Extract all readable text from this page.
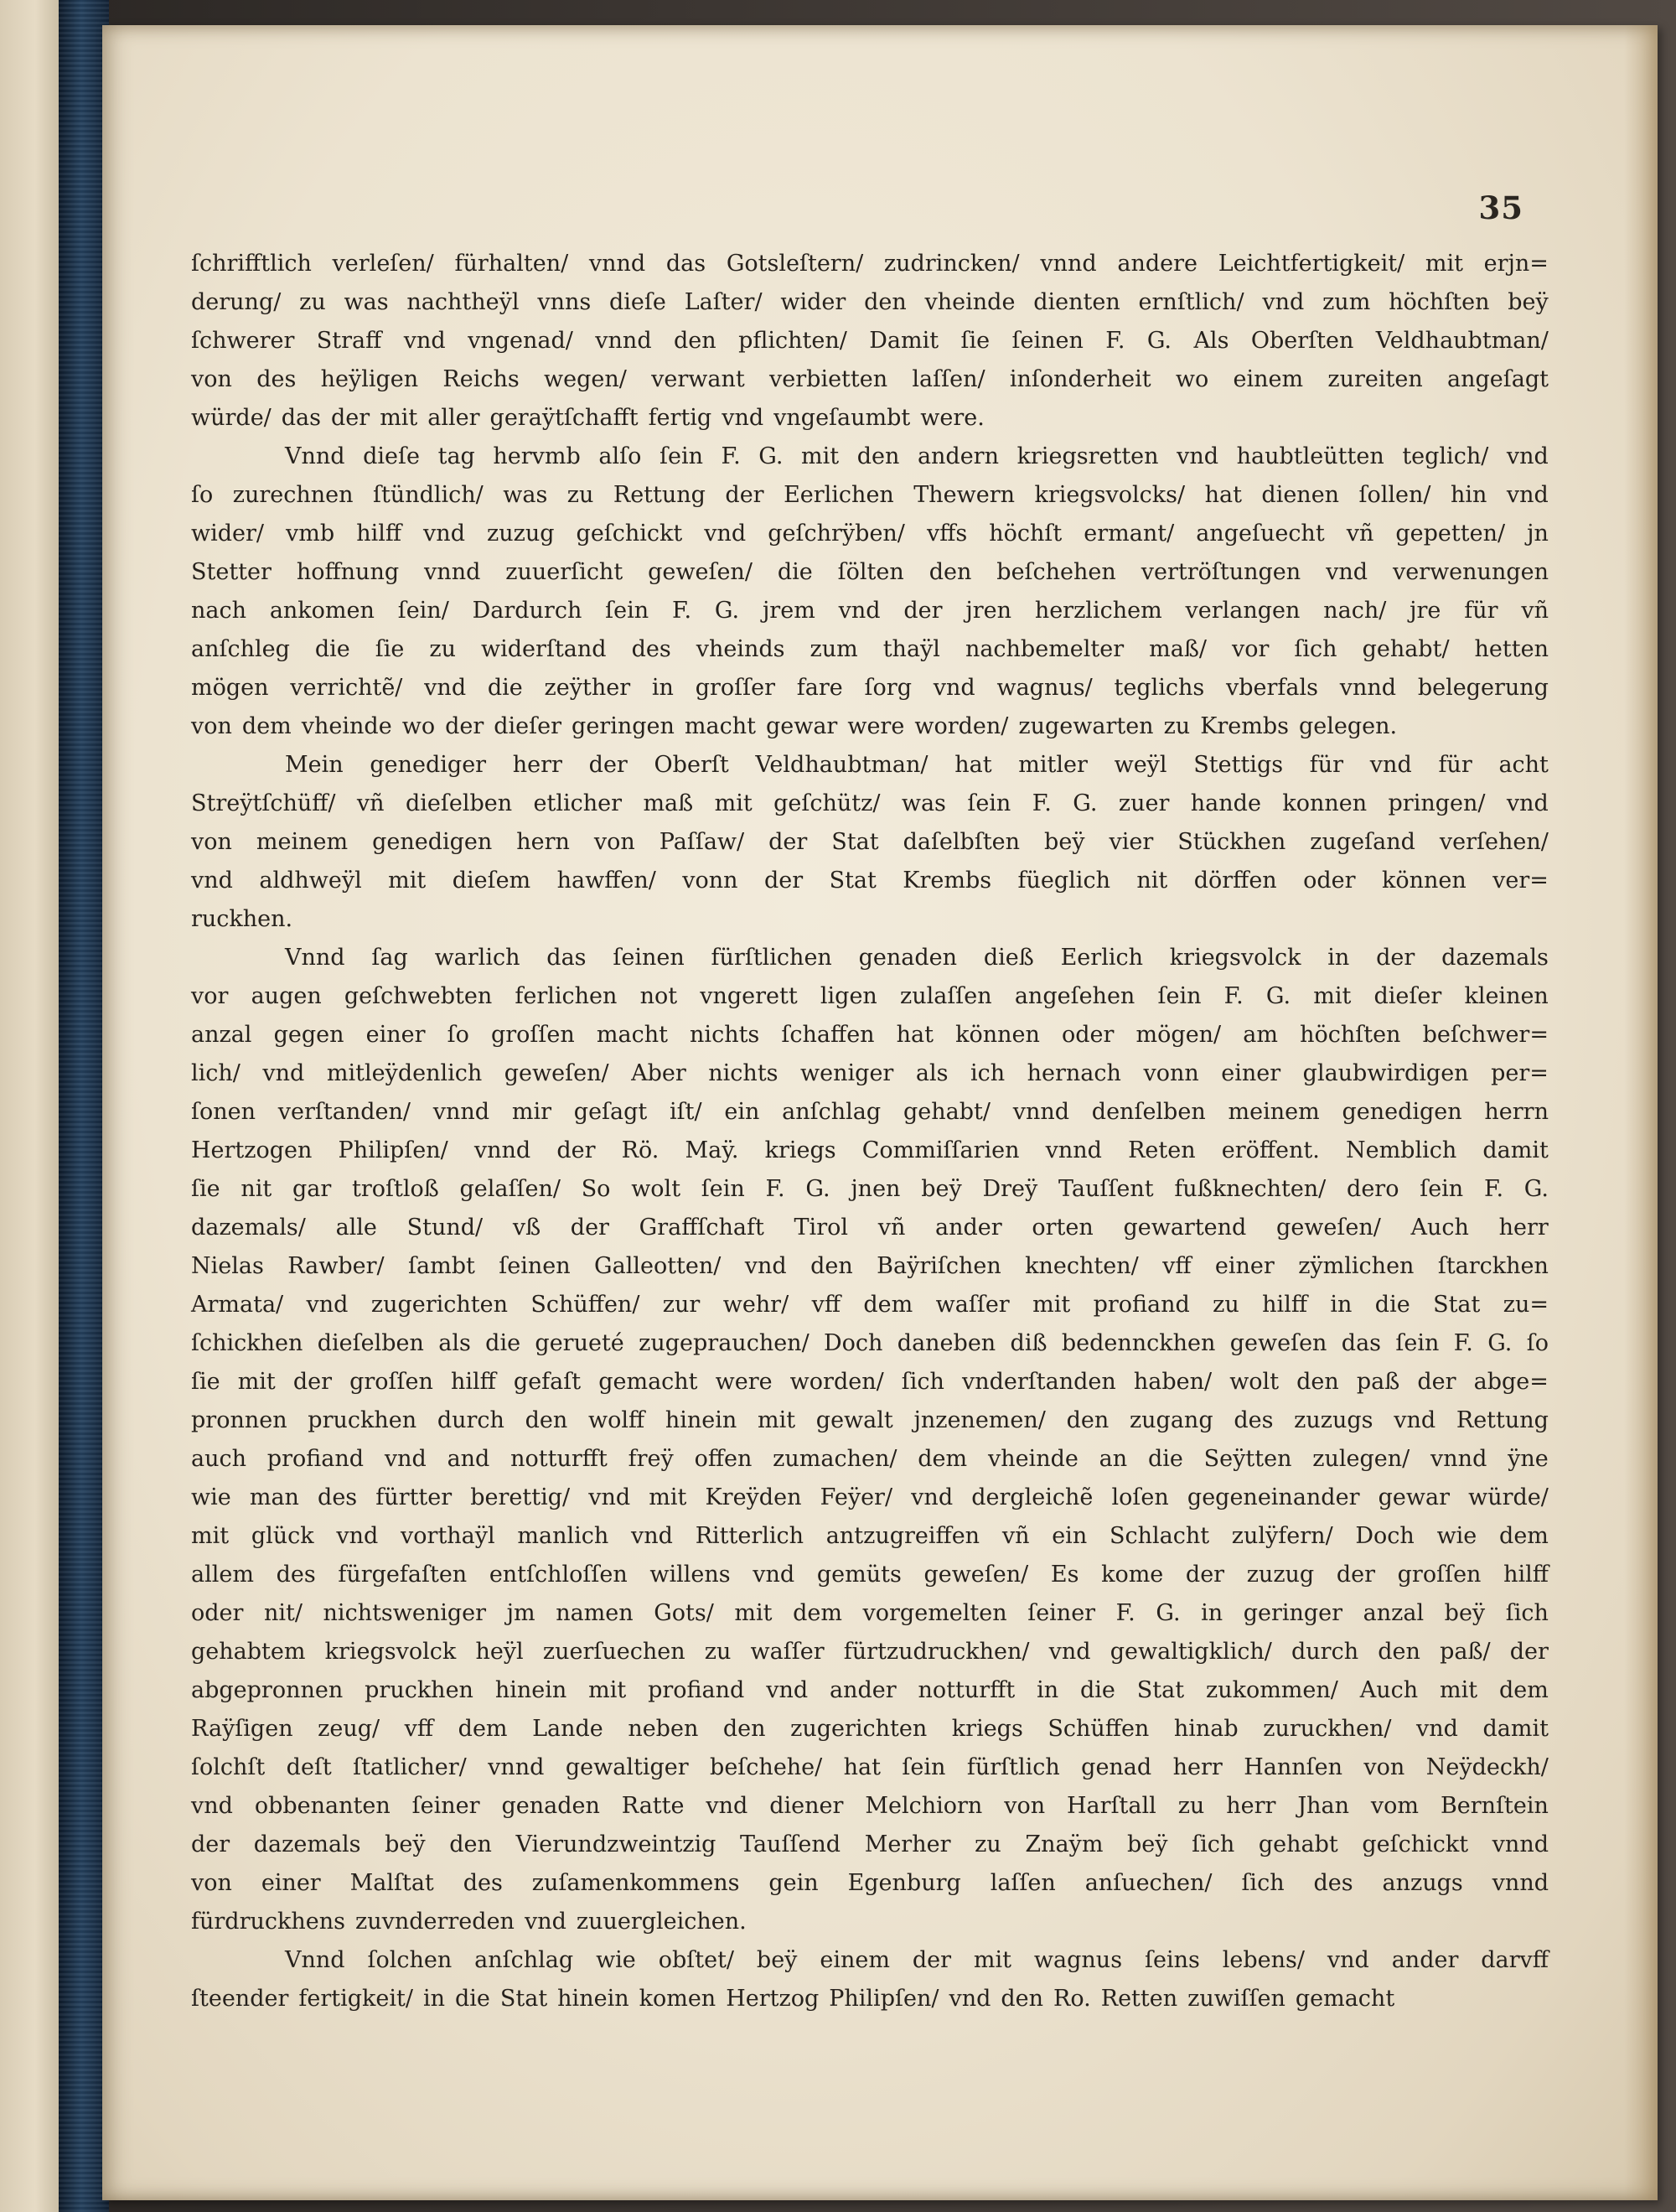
35
ſchrifftlich verleſen/ fürhalten/ vnnd das Gotsleſtern/ zudrincken/ vnnd andere Leichtfertigkeit/ mit erjn=
derung/ zu was nachtheÿl vnns dieſe Laſter/ wider den vheinde dienten ernſtlich/ vnd zum höchſten beÿ
ſchwerer Straff vnd vngenad/ vnnd den pflichten/ Damit ſie ſeinen F. G. Als Oberſten Veldhaubtman/
von des heÿligen Reichs wegen/ verwant verbietten laſſen/ inſonderheit wo einem zureiten angeſagt
würde/ das der mit aller geraÿtſchafft fertig vnd vngeſaumbt were.
Vnnd dieſe tag hervmb alſo ſein F. G. mit den andern kriegsretten vnd haubtleütten teglich/ vnd
ſo zurechnen ſtündlich/ was zu Rettung der Eerlichen Thewern kriegsvolcks/ hat dienen ſollen/ hin vnd
wider/ vmb hilff vnd zuzug geſchickt vnd geſchrÿben/ vffs höchſt ermant/ angeſuecht vñ gepetten/ jn
Stetter hoffnung vnnd zuuerſicht geweſen/ die ſölten den beſchehen vertröſtungen vnd verwenungen
nach ankomen ſein/ Dardurch ſein F. G. jrem vnd der jren herzlichem verlangen nach/ jre für vñ
anſchleg die ſie zu widerſtand des vheinds zum thaÿl nachbemelter maß/ vor ſich gehabt/ hetten
mögen verrichtẽ/ vnd die zeÿther in groſſer fare ſorg vnd wagnus/ teglichs vberfals vnnd belegerung
von dem vheinde wo der dieſer geringen macht gewar were worden/ zugewarten zu Krembs gelegen.
Mein genediger herr der Oberſt Veldhaubtman/ hat mitler weÿl Stettigs für vnd für acht
Streÿtſchüff/ vñ dieſelben etlicher maß mit geſchütz/ was ſein F. G. zuer hande konnen pringen/ vnd
von meinem genedigen hern von Paſſaw/ der Stat daſelbſten beÿ vier Stückhen zugeſand verſehen/
vnd aldhweÿl mit dieſem hawffen/ vonn der Stat Krembs füeglich nit dörffen oder können ver=
ruckhen.
Vnnd ſag warlich das ſeinen fürſtlichen genaden dieß Eerlich kriegsvolck in der dazemals
vor augen geſchwebten ferlichen not vngerett ligen zulaſſen angeſehen ſein F. G. mit dieſer kleinen
anzal gegen einer ſo groſſen macht nichts ſchaffen hat können oder mögen/ am höchſten beſchwer=
lich/ vnd mitleÿdenlich geweſen/ Aber nichts weniger als ich hernach vonn einer glaubwirdigen per=
ſonen verſtanden/ vnnd mir geſagt iſt/ ein anſchlag gehabt/ vnnd denſelben meinem genedigen herrn
Hertzogen Philipſen/ vnnd der Rö. Maÿ. kriegs Commiſſarien vnnd Reten eröffent. Nemblich damit
ſie nit gar troſtloß gelaſſen/ So wolt ſein F. G. jnen beÿ Dreÿ Tauſſent fußknechten/ dero ſein F. G.
dazemals/ alle Stund/ vß der Graffſchaft Tirol vñ ander orten gewartend geweſen/ Auch herr
Nielas Rawber/ ſambt ſeinen Galleotten/ vnd den Baÿriſchen knechten/ vff einer zÿmlichen ſtarckhen
Armata/ vnd zugerichten Schüffen/ zur wehr/ vff dem waſſer mit profiand zu hilff in die Stat zu=
ſchickhen dieſelben als die gerueté zugeprauchen/ Doch daneben diß bedennckhen geweſen das ſein F. G. ſo
ſie mit der groſſen hilff gefaſt gemacht were worden/ ſich vnderſtanden haben/ wolt den paß der abge=
pronnen pruckhen durch den wolff hinein mit gewalt jnzenemen/ den zugang des zuzugs vnd Rettung
auch profiand vnd and notturfft freÿ offen zumachen/ dem vheinde an die Seÿtten zulegen/ vnnd ÿne
wie man des fürtter berettig/ vnd mit Kreÿden Feÿer/ vnd dergleichẽ loſen gegeneinander gewar würde/
mit glück vnd vorthaÿl manlich vnd Ritterlich antzugreiffen vñ ein Schlacht zulÿfern/ Doch wie dem
allem des fürgefaſten entſchloſſen willens vnd gemüts geweſen/ Es kome der zuzug der groſſen hilff
oder nit/ nichtsweniger jm namen Gots/ mit dem vorgemelten ſeiner F. G. in geringer anzal beÿ ſich
gehabtem kriegsvolck heÿl zuerſuechen zu waſſer fürtzudruckhen/ vnd gewaltigklich/ durch den paß/ der
abgepronnen pruckhen hinein mit profiand vnd ander notturfft in die Stat zukommen/ Auch mit dem
Raÿſigen zeug/ vff dem Lande neben den zugerichten kriegs Schüffen hinab zuruckhen/ vnd damit
ſolchſt deſt ſtatlicher/ vnnd gewaltiger beſchehe/ hat ſein fürſtlich genad herr Hannſen von Neÿdeckh/
vnd obbenanten ſeiner genaden Ratte vnd diener Melchiorn von Harſtall zu herr Jhan vom Bernſtein
der dazemals beÿ den Vierundzweintzig Tauſſend Merher zu Znaÿm beÿ ſich gehabt geſchickt vnnd
von einer Malſtat des zuſamenkommens gein Egenburg laſſen anſuechen/ ſich des anzugs vnnd
fürdruckhens zuvnderreden vnd zuuergleichen.
Vnnd ſolchen anſchlag wie obſtet/ beÿ einem der mit wagnus ſeins lebens/ vnd ander darvff
ſteender fertigkeit/ in die Stat hinein komen Hertzog Philipſen/ vnd den Ro. Retten zuwiſſen gemacht
